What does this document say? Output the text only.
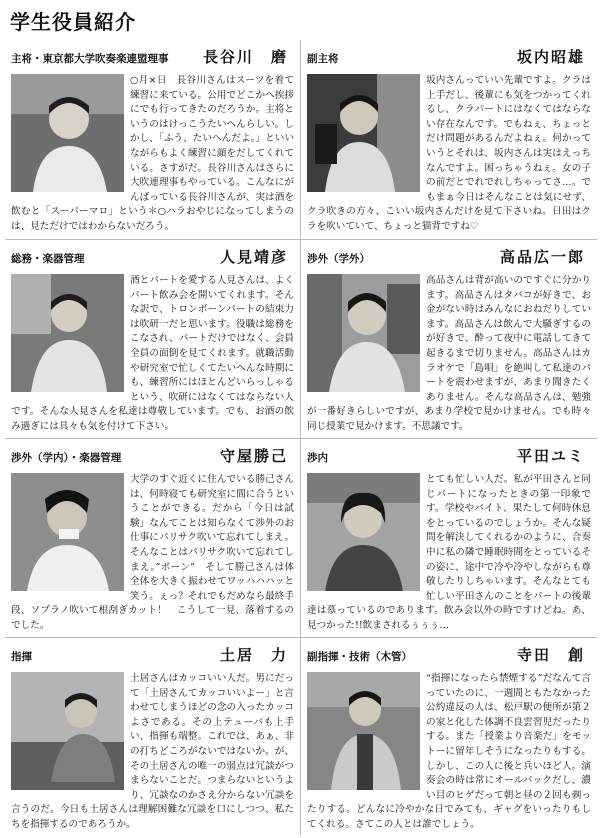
学生役員紹介
主将・東京都大学吹奏楽連盟理事 長谷川　磨
○月×日　長谷川さんはスーツを着て練習に来ている。公用でどこかへ挨拶にでも行ってきたのだろうか。主将というのはけっこうたいへんらしい。しかし、「ふう、たいへんだよ。」といいながらもよく練習に顔をだしてくれている。さすがだ。長谷川さんはさらに大吹連理事もやっている。こんなにがんばっている長谷川さんが、実は酒を飲むと「スーパーマロ」という＊○ハラおやじになってしまうのは、見ただけではわからないだろう。
副主将	坂内昭雄
坂内さんっていい先輩ですよ。クラは上手だし、後輩にも気をつかってくれるし、クラパートにはなくてはならない存在なんです。でもねぇ、ちょっとだけ問題があるんだよねぇ。何かっていうとそれは、坂内さんは実はえっちなんですよ。困っちゃうねぇ。女の子の前だとでれでれしちゃってさ…。でもまぁ今日はそんなことは気にせず、クラ吹きの方々、こいい坂内さんだけを見て下さいね。日田はクラを吹いていて、ちょっと猫背ですね♡
総務・楽器管理	人見靖彦
酒とパートを愛する人見さんは、よくパート飲み会を開いてくれます。そんな訳で、トロンボーンパートの結束力は吹研一だと思います。役職は総務をこなされ、パートだけではなく、会員全員の面倒を見てくれます。就職活動や研究室で忙しくてたいへんな時期にも、練習所にはほとんどいらっしゃるという、吹研にはなくてはならない人です。そんな人見さんを私達は尊敬しています。でも、お酒の飲み過ぎには具々も気を付けて下さい。
渉外（学外）	高品広一郎
高品さんは背が高いのですぐに分かります。高品さんはタバコが好きで、お金がない時はみんなにおねだりしています。高品さんは飲んで大騒ぎするのが好きで、酔って夜中に電話してきて起きるまで切りません。高品さんはカラオケで「島唄」を絶叫して私達のパートを震わせますが、あまり聞きたくありません。そんな高品さんは、勉強が一番好きらしいですが、あまり学校で見かけません。でも時々同じ授業で見かけます。不思議です。
渉外（学内）・楽器管理	守屋勝己
大学のすぐ近くに住んでいる勝己さんは、何時寝ても研究室に間に合うということができる。だから「今日は試験」なんてことは知らなくて渉外のお仕事にパリサク吹いて忘れてしまえ。そんなことはパリサク吹いて忘れてしまえ。”ポーン”　そして勝己さんは体全体を大きく振わせてワッハハハッと笑う。ぇっ？それでもだめなら最終手段、ソプラノ吹いて根刮ぎカット！　こうして一見、落着するのでした。
渉内	平田ユミ
とても忙しい人だ。私が平田さんと同じパートになったときの第一印象です。学校やバイト、果たして何時休息をとっているのでしょうか。そんな疑問を解決してくれるかのように、合奏中に私の隣で睡眠時間をとっているその姿に、途中で冷や冷やしながらも尊敬したりしちゃいます。そんなとても忙しい平田さんのことをパートの後輩達は慕っているのであります。飲み会以外の時ですけどね。あ、見つかった!!飲まされるぅぅぅ…
指揮	土居　力
土居さんはカッコいい人だ。男にだって「土居さんてカッコいいよー」と言わせてしまうほどの念の入ったカッコよさである。その上テューバも上手い、指揮も端整。これでは、あぁ、非の打ちどころがないではないか。が、その土居さんの唯一の弱点は冗談がつまらないことだ。つまらないというより、冗談なのかさえ分からない冗談を言うのだ。今日も土居さんは理解困難な冗談を口にしつつ、私たちを指揮するのであろうか。
副指揮・技術（木管）	寺田　創
“指揮になったら禁煙する”だなんて言っていたのに、一週間ともたなかった公約違反の人は、松戸駅の便所が第２の家と化した体調不良雲習児だったりする。また「授業より音楽だ」をモットーに留年しそうになったりもする。しかし、この人に後と兵いほど人。演奏会の時は常にオールバックだし、濃い目のヒゲだって朝と昼の２回も剃ったりする。どんなに冷やかな日でみても、ギャグをいったりもしてくれる。さてこの人とは誰でしょう。
